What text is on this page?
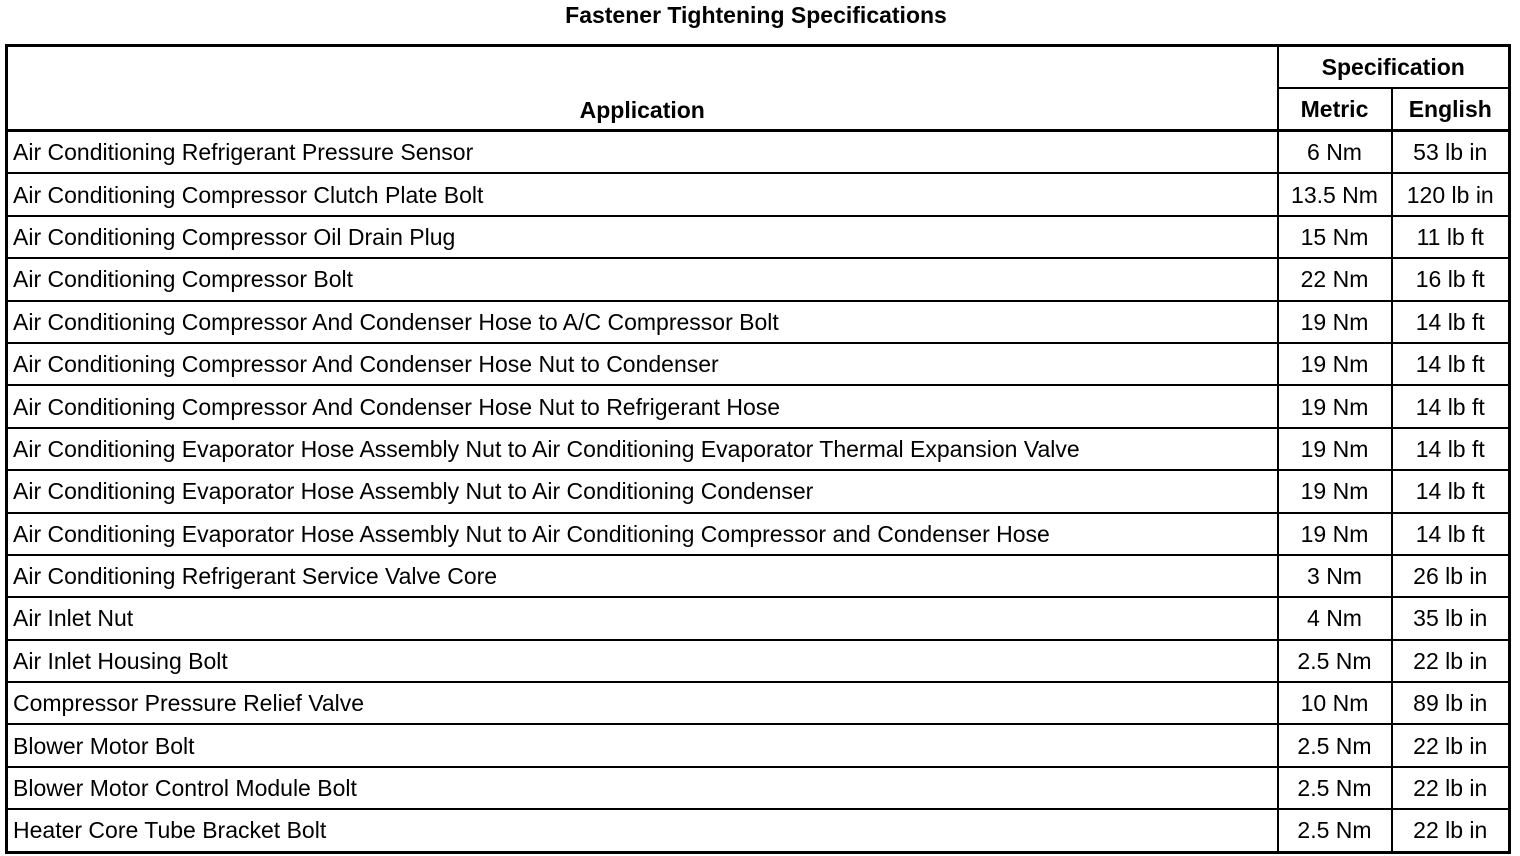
Fastener Tightening Specifications
Application	Specification	
	Metric	English
Air Conditioning Refrigerant Pressure Sensor	6 Nm	53 lb in
Air Conditioning Compressor Clutch Plate Bolt	13.5 Nm	120 lb in
Air Conditioning Compressor Oil Drain Plug	15 Nm	11 lb ft
Air Conditioning Compressor Bolt	22 Nm	16 lb ft
Air Conditioning Compressor And Condenser Hose to A/C Compressor Bolt	19 Nm	14 lb ft
Air Conditioning Compressor And Condenser Hose Nut to Condenser	19 Nm	14 lb ft
Air Conditioning Compressor And Condenser Hose Nut to Refrigerant Hose	19 Nm	14 lb ft
Air Conditioning Evaporator Hose Assembly Nut to Air Conditioning Evaporator Thermal Expansion Valve	19 Nm	14 lb ft
Air Conditioning Evaporator Hose Assembly Nut to Air Conditioning Condenser	19 Nm	14 lb ft
Air Conditioning Evaporator Hose Assembly Nut to Air Conditioning Compressor and Condenser Hose	19 Nm	14 lb ft
Air Conditioning Refrigerant Service Valve Core	3 Nm	26 lb in
Air Inlet Nut	4 Nm	35 lb in
Air Inlet Housing Bolt	2.5 Nm	22 lb in
Compressor Pressure Relief Valve	10 Nm	89 lb in
Blower Motor Bolt	2.5 Nm	22 lb in
Blower Motor Control Module Bolt	2.5 Nm	22 lb in
Heater Core Tube Bracket Bolt	2.5 Nm	22 lb in
